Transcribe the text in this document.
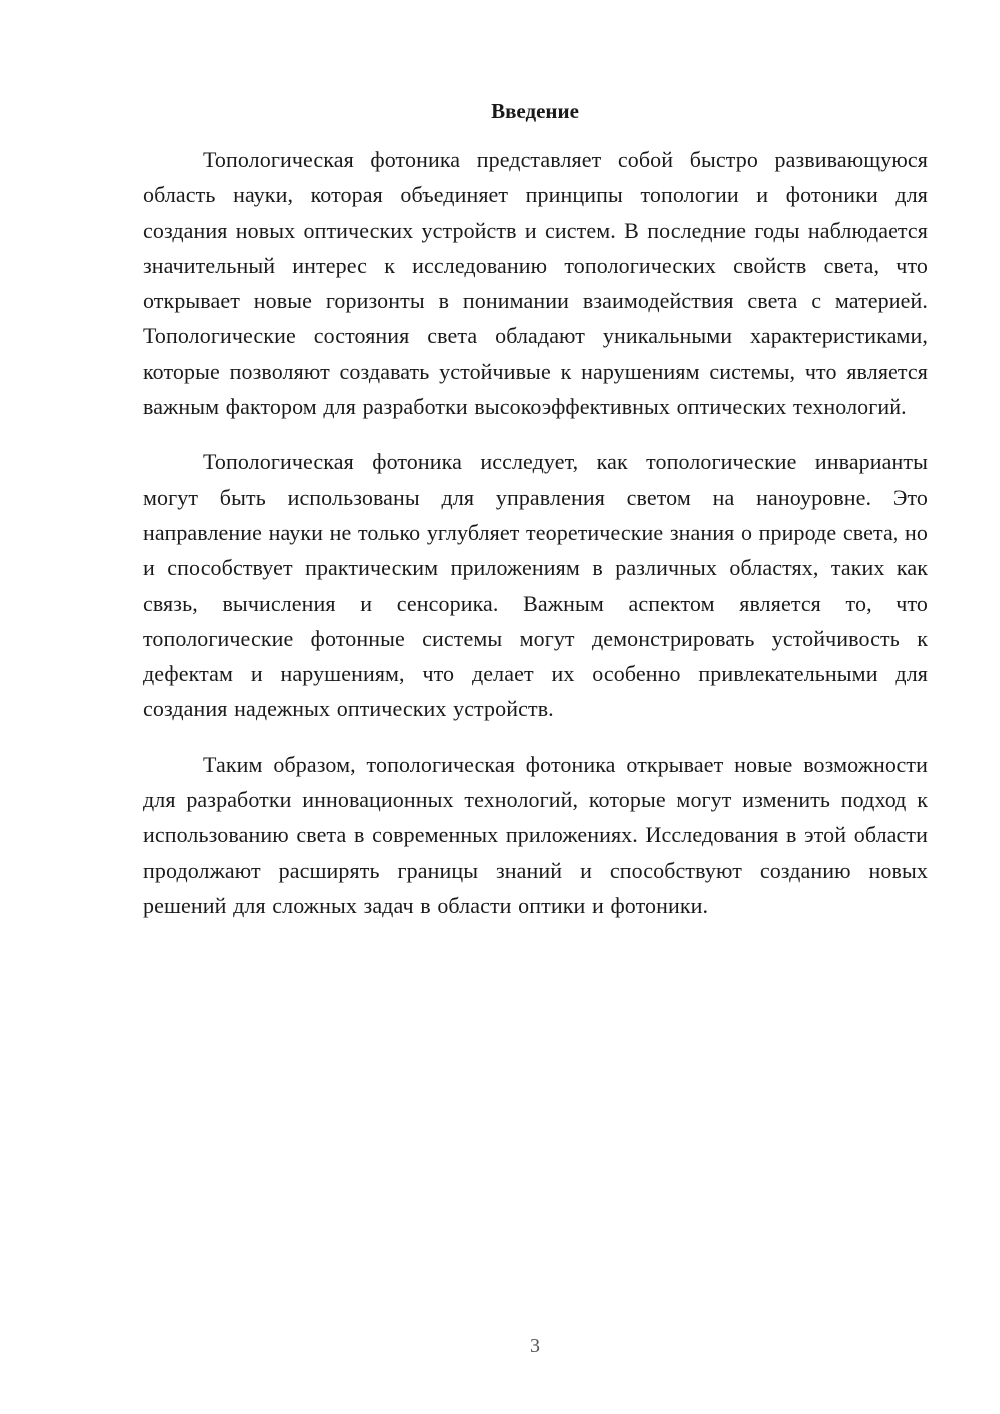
Введение

Топологическая фотоника представляет собой быстро развивающуюся область науки, которая объединяет принципы топологии и фотоники для создания новых оптических устройств и систем. В последние годы наблюдается значительный интерес к исследованию топологических свойств света, что открывает новые горизонты в понимании взаимодействия света с материей. Топологические состояния света обладают уникальными характеристиками, которые позволяют создавать устойчивые к нарушениям системы, что является важным фактором для разработки высокоэффективных оптических технологий.

Топологическая фотоника исследует, как топологические инварианты могут быть использованы для управления светом на наноуровне. Это направление науки не только углубляет теоретические знания о природе света, но и способствует практическим приложениям в различных областях, таких как связь, вычисления и сенсорика. Важным аспектом является то, что топологические фотонные системы могут демонстрировать устойчивость к дефектам и нарушениям, что делает их особенно привлекательными для создания надежных оптических устройств.

Таким образом, топологическая фотоника открывает новые возможности для разработки инновационных технологий, которые могут изменить подход к использованию света в современных приложениях. Исследования в этой области продолжают расширять границы знаний и способствуют созданию новых решений для сложных задач в области оптики и фотоники.

3
